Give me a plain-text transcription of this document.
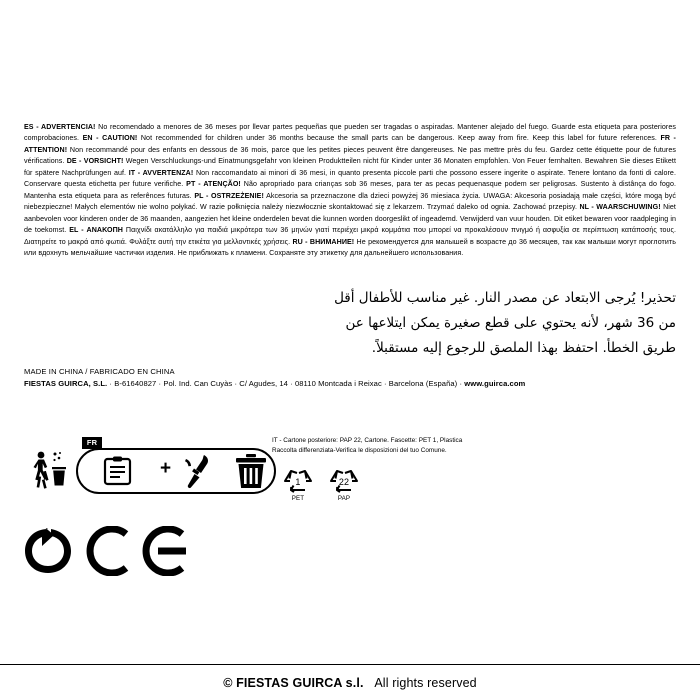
ES - ADVERTENCIA! No recomendado a menores de 36 meses por llevar partes pequeñas que pueden ser tragadas o aspiradas. Mantener alejado del fuego. Guarde esta etiqueta para posteriores comprobaciones. EN - CAUTION! Not recommended for children under 36 months because the small parts can be dangerous. Keep away from fire. Keep this label for future references. FR - ATTENTION! Non recommandé pour des enfants en dessous de 36 mois, parce que les petites pieces peuvent être dangereuses. Ne pas mettre près du feu. Gardez cette étiquette pour de futures vérifications. DE - VORSICHT! Wegen Verschluckungs-und Einatmungsgefahr von kleinen Produktteilen nicht für Kinder unter 36 Monaten empfohlen. Von Feuer fernhalten. Bewahren Sie dieses Etikett für spätere Nachprüfungen auf. IT - AVVERTENZA! Non raccomandato ai minori di 36 mesi, in quanto presenta piccole parti che possono essere ingerite o aspirate. Tenere lontano da fonti di calore. Conservare questa etichetta per future verifiche. PT - ATENÇÃO! Não apropriado para crianças sob 36 meses, para ter as pecas pequenasque podem ser peligrosas. Sustento à distânça do fogo. Mantenha esta etiqueta para as referênces futuras. PL - OSTRZEŻENIE! Akcesoria sa przeznaczone dla dzieci powyżej 36 miesiaca życia. UWAGA: Akcesoria posiadają małe części, które mogą być niebezpieczne! Małych elementów nie wolno połykać. W razie połknięcia należy niezwłocznie skontaktować się z lekarzem. Trzymać daleko od ognia. Zachować przepisy. NL - WAARSCHUWING! Niet aanbevolen voor kinderen onder de 36 maanden, aangezien het kleine onderdelen bevat die kunnen worden doorgeslikt of ingeademd. Verwijderd van vuur houden. Dit etiket bewaren voor raadpleging in de toekomst. EL - ΑΝΑΚΟΠΗ Παιχνίδι ακατάλληλο για παιδιά μικρότερα των 36 μηνών γιατί περιέχει μικρά κομμάτια που μπορεί να προκαλέσουν πνιγμό ή ασφυξία σε περίπτωση κατάποσής τους. Διατηρείτε το μακρά από φωτιά. Φυλάξτε αυτή την ετικέτα για μελλοντικές χρήσεις. RU - ВНИМАНИЕ! Не рекомендуется для малышей в возрасте до 36 месяцев, так как малыши могут проглотить или вдохнуть мельчайшие частички изделия. Не приближать к пламени. Сохраняте эту этикетку для дальнейшего использования.
تحذير! يُرجى الابتعاد عن مصدر النار. غير مناسب للأطفال أقل
من 36 شهر، لأنه يحتوي على قطع صغيرة يمكن ايتلاعها عن
طريق الخطأ. احتفظ بهذا الملصق للرجوع إليه مستقبلاً.
MADE IN CHINA / FABRICADO EN CHINA
FIESTAS GUIRCA, S.L. · B-61640827 · Pol. Ind. Can Cuyàs · C/ Agudes, 14 · 08110 Montcada i Reixac · Barcelona (España) · www.guirca.com
FR
+
IT - Cartone posteriore: PAP 22, Cartone. Fascette: PET 1, Plastica
Raccolta differenziata-Verifica le disposizioni del tuo Comune.
1
PET
22
PAP
© FIESTAS GUIRCA s.l. All rights reserved
